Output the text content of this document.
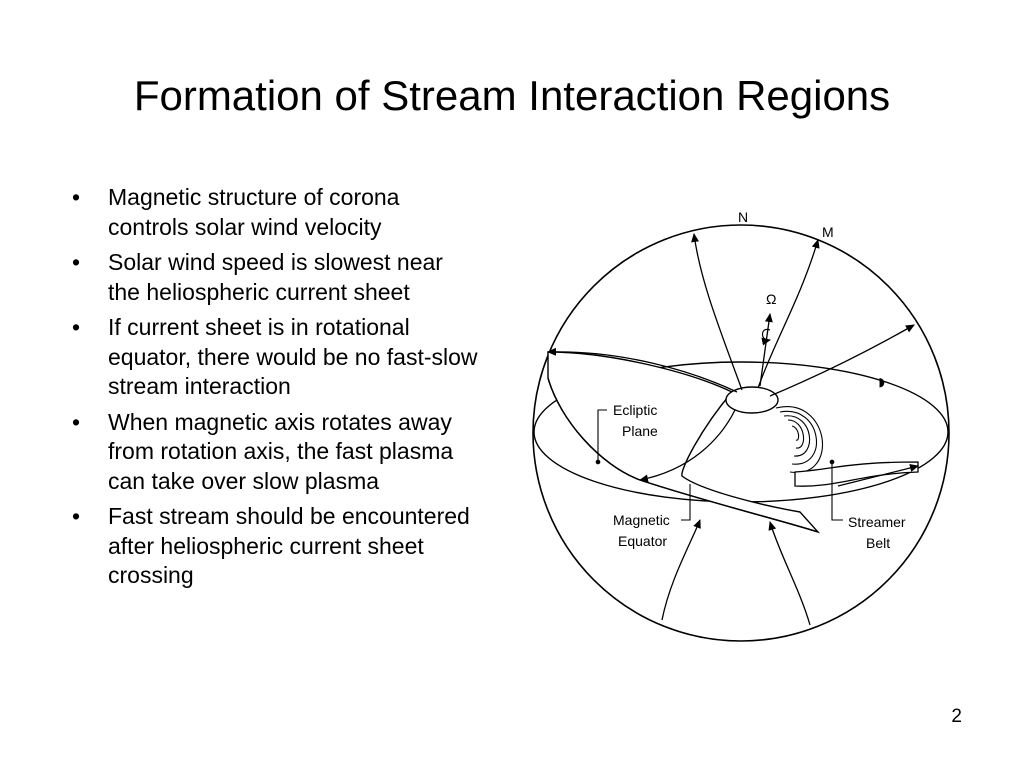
Formation of Stream Interaction Regions
• Magnetic structure of corona controls solar wind velocity
• Solar wind speed is slowest near the heliospheric current sheet
• If current sheet is in rotational equator, there would be no fast-slow stream interaction
• When magnetic axis rotates away from rotation axis, the fast plasma can take over slow plasma
• Fast stream should be encountered after heliospheric current sheet crossing
N
M
Ω
Ecliptic
Plane
Magnetic
Equator
Streamer
Belt
◑
2
